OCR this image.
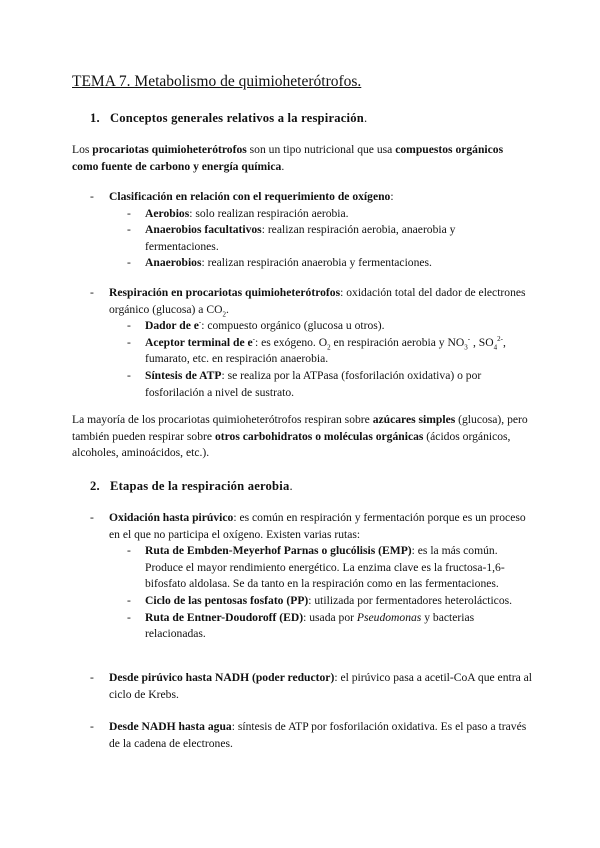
TEMA 7. Metabolismo de quimioheterótrofos.
1. Conceptos generales relativos a la respiración.
Los procariotas quimioheterótrofos son un tipo nutricional que usa compuestos orgánicos como fuente de carbono y energía química.
- Clasificación en relación con el requerimiento de oxígeno:
- Aerobios: solo realizan respiración aerobia.
- Anaerobios facultativos: realizan respiración aerobia, anaerobia y fermentaciones.
- Anaerobios: realizan respiración anaerobia y fermentaciones.
- Respiración en procariotas quimioheterótrofos: oxidación total del dador de electrones orgánico (glucosa) a $CO_2$.
- Dador de e-: compuesto orgánico (glucosa u otros).
- Aceptor terminal de e-: es exógeno. $O_2$ en respiración aerobia y $NO_3^-$ , $SO_4^{2-}$, fumarato, etc. en respiración anaerobia.
- Síntesis de ATP: se realiza por la ATPasa (fosforilación oxidativa) o por fosforilación a nivel de sustrato.
La mayoría de los procariotas quimioheterótrofos respiran sobre azúcares simples (glucosa), pero también pueden respirar sobre otros carbohidratos o moléculas orgánicas (ácidos orgánicos, alcoholes, aminoácidos, etc.).
2. Etapas de la respiración aerobia.
- Oxidación hasta pirúvico: es común en respiración y fermentación porque es un proceso en el que no participa el oxígeno. Existen varias rutas:
- Ruta de Embden-Meyerhof Parnas o glucólisis (EMP): es la más común. Produce el mayor rendimiento energético. La enzima clave es la fructosa-1,6-bifosfato aldolasa. Se da tanto en la respiración como en las fermentaciones.
- Ciclo de las pentosas fosfato (PP): utilizada por fermentadores heterolácticos.
- Ruta de Entner-Doudoroff (ED): usada por Pseudomonas y bacterias relacionadas.
- Desde pirúvico hasta NADH (poder reductor): el pirúvico pasa a acetil-CoA que entra al ciclo de Krebs.
- Desde NADH hasta agua: síntesis de ATP por fosforilación oxidativa. Es el paso a través de la cadena de electrones.
